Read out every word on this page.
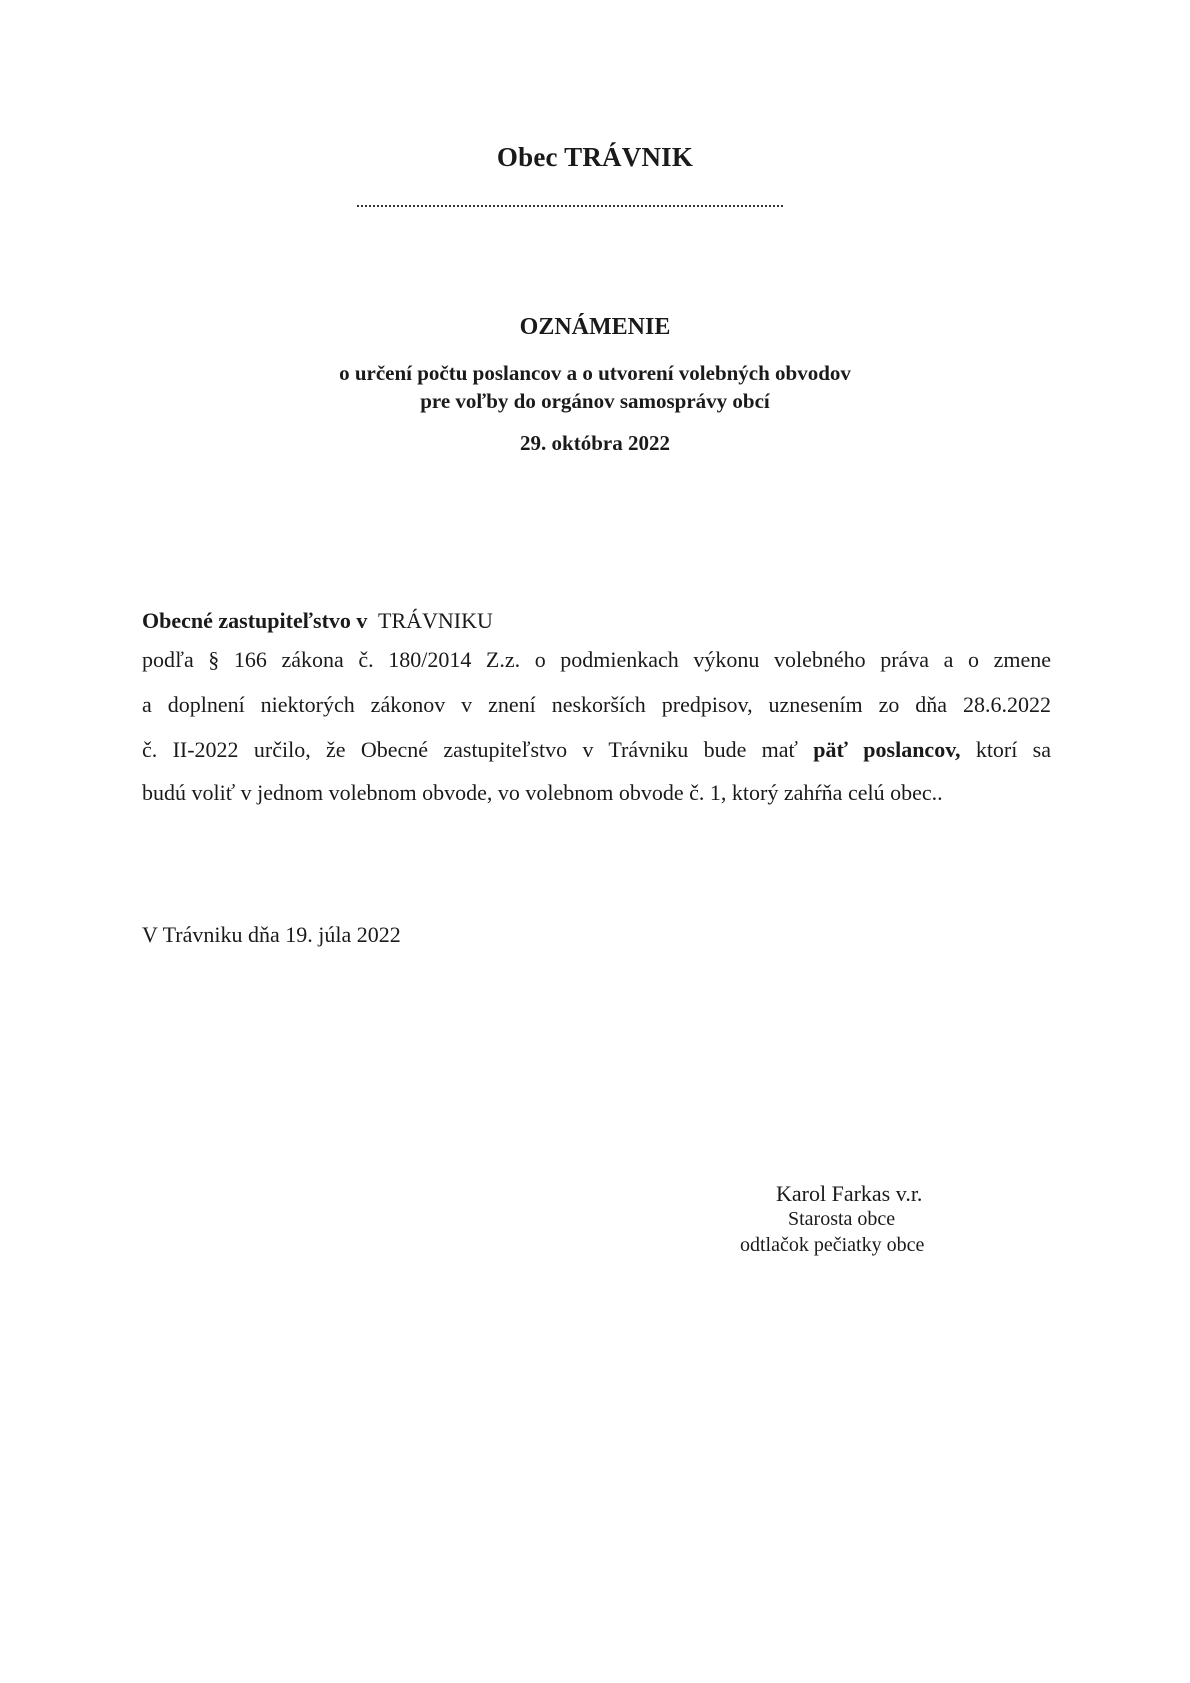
Obec TRÁVNIK
OZNÁMENIE
o určení počtu poslancov a o utvorení volebných obvodov
pre voľby do orgánov samosprávy obcí
29. októbra 2022
Obecné zastupiteľstvo v TRÁVNIKU
podľa § 166 zákona č. 180/2014 Z.z. o podmienkach výkonu volebného práva a o zmene
a doplnení niektorých zákonov v znení neskorších predpisov, uznesením zo dňa 28.6.2022
č. II-2022 určilo, že Obecné zastupiteľstvo v Trávniku bude mať päť poslancov, ktorí sa
budú voliť v jednom volebnom obvode, vo volebnom obvode č. 1, ktorý zahŕňa celú obec..
V Trávniku dňa 19. júla 2022
Karol Farkas v.r.
Starosta obce
odtlačok pečiatky obce
